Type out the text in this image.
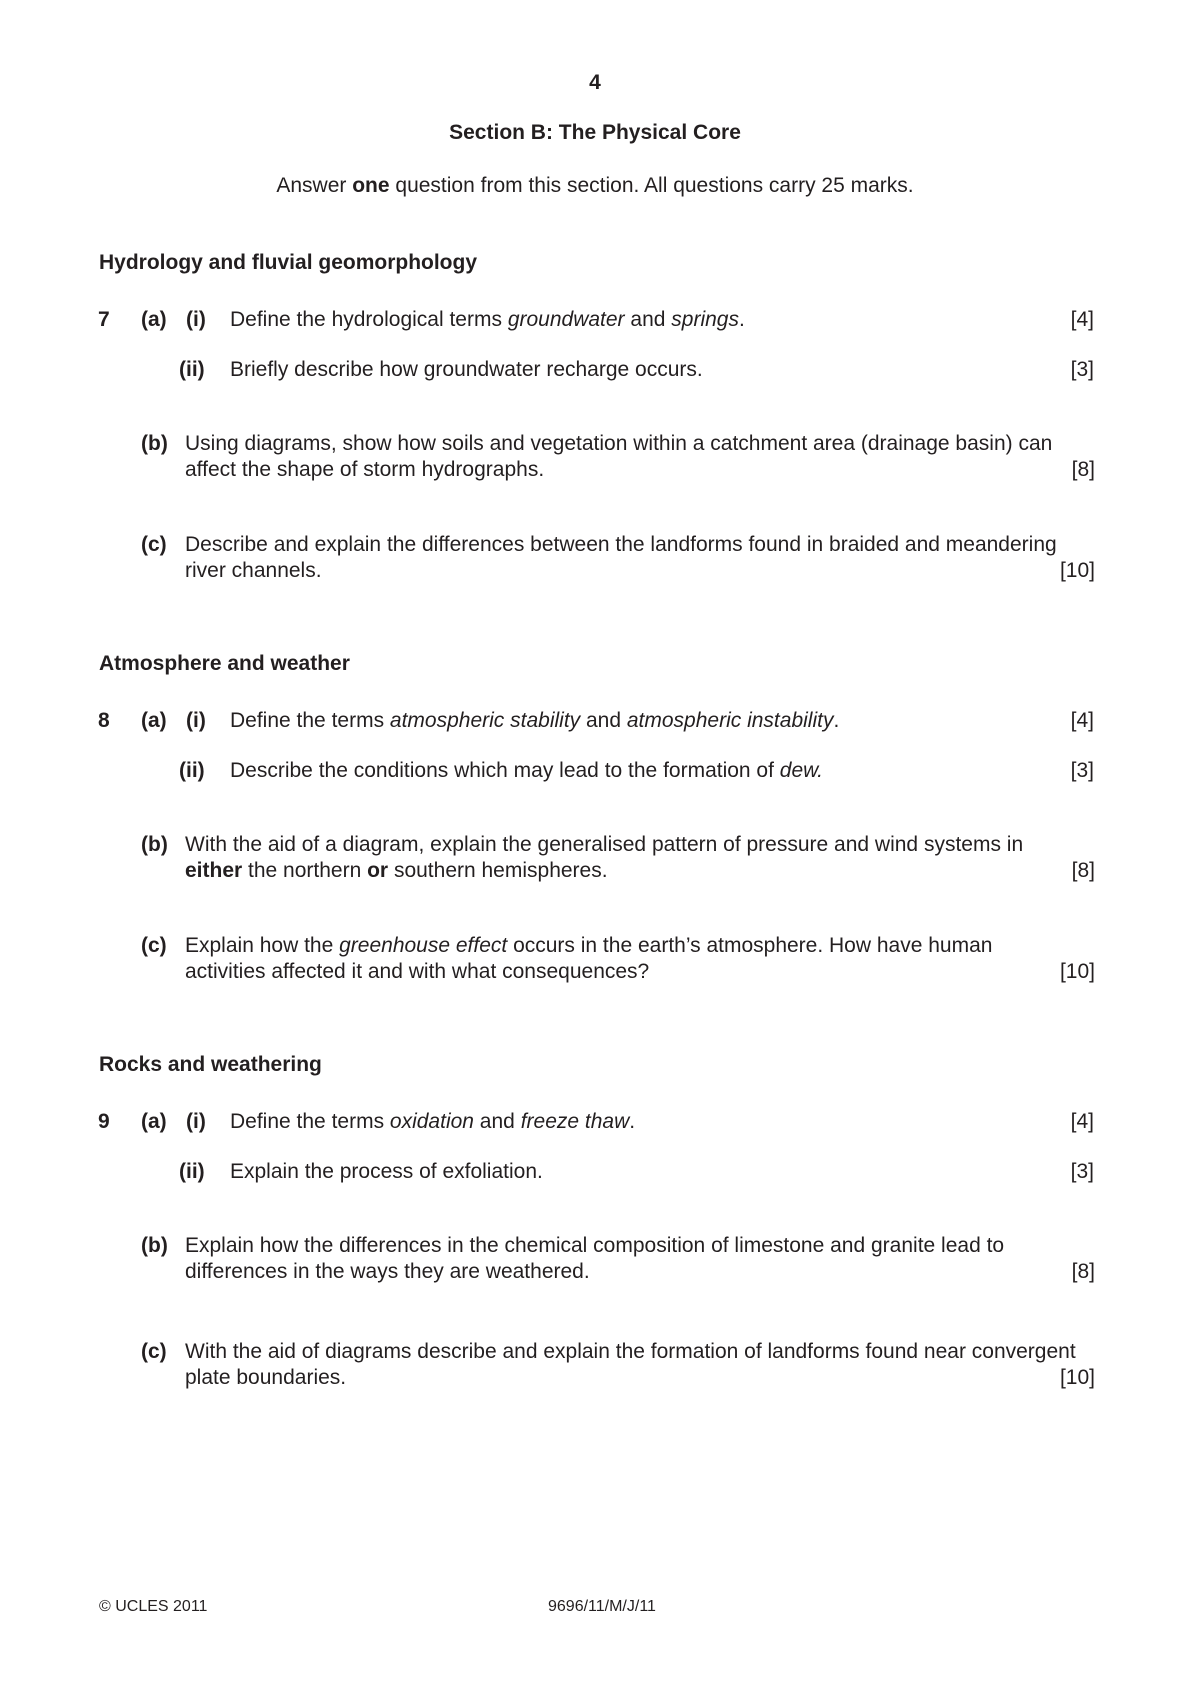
4
Section B: The Physical Core
Answer one question from this section. All questions carry 25 marks.
Hydrology and fluvial geomorphology
7 (a) (i) Define the hydrological terms groundwater and springs.	[4]
(ii) Briefly describe how groundwater recharge occurs.	[3]
(b) Using diagrams, show how soils and vegetation within a catchment area (drainage basin) can
affect the shape of storm hydrographs.	[8]
(c) Describe and explain the differences between the landforms found in braided and meandering
river channels.	[10]
Atmosphere and weather
8 (a) (i) Define the terms atmospheric stability and atmospheric instability.	[4]
(ii) Describe the conditions which may lead to the formation of dew.	[3]
(b) With the aid of a diagram, explain the generalised pattern of pressure and wind systems in
either the northern or southern hemispheres.	[8]
(c) Explain how the greenhouse effect occurs in the earth’s atmosphere. How have human
activities affected it and with what consequences?	[10]
Rocks and weathering
9 (a) (i) Define the terms oxidation and freeze thaw.	[4]
(ii) Explain the process of exfoliation.	[3]
(b) Explain how the differences in the chemical composition of limestone and granite lead to
differences in the ways they are weathered.	[8]
(c) With the aid of diagrams describe and explain the formation of landforms found near convergent
plate boundaries.	[10]
© UCLES 2011	9696/11/M/J/11
